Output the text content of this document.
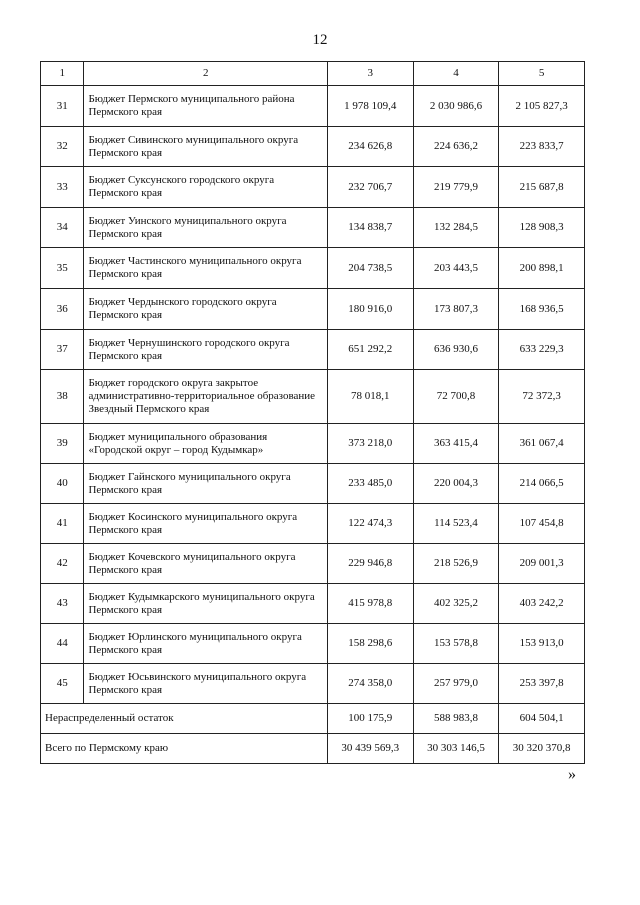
12
1	2	3	4	5
31	Бюджет Пермского муниципального района Пермского края	1 978 109,4	2 030 986,6	2 105 827,3
32	Бюджет Сивинского муниципального округа Пермского края	234 626,8	224 636,2	223 833,7
33	Бюджет Суксунского городского округа Пермского края	232 706,7	219 779,9	215 687,8
34	Бюджет Уинского муниципального округа Пермского края	134 838,7	132 284,5	128 908,3
35	Бюджет Частинского муниципального округа Пермского края	204 738,5	203 443,5	200 898,1
36	Бюджет Чердынского городского округа Пермского края	180 916,0	173 807,3	168 936,5
37	Бюджет Чернушинского городского округа Пермского края	651 292,2	636 930,6	633 229,3
38	Бюджет городского округа закрытое административно-территориальное образование Звездный Пермского края	78 018,1	72 700,8	72 372,3
39	Бюджет муниципального образования «Городской округ – город Кудымкар»	373 218,0	363 415,4	361 067,4
40	Бюджет Гайнского муниципального округа Пермского края	233 485,0	220 004,3	214 066,5
41	Бюджет Косинского муниципального округа Пермского края	122 474,3	114 523,4	107 454,8
42	Бюджет Кочевского муниципального округа Пермского края	229 946,8	218 526,9	209 001,3
43	Бюджет Кудымкарского муниципального округа Пермского края	415 978,8	402 325,2	403 242,2
44	Бюджет Юрлинского муниципального округа Пермского края	158 298,6	153 578,8	153 913,0
45	Бюджет Юсьвинского муниципального округа Пермского края	274 358,0	257 979,0	253 397,8
Нераспределенный остаток		100 175,9	588 983,8	604 504,1
Всего по Пермскому краю		30 439 569,3	30 303 146,5	30 320 370,8
»
